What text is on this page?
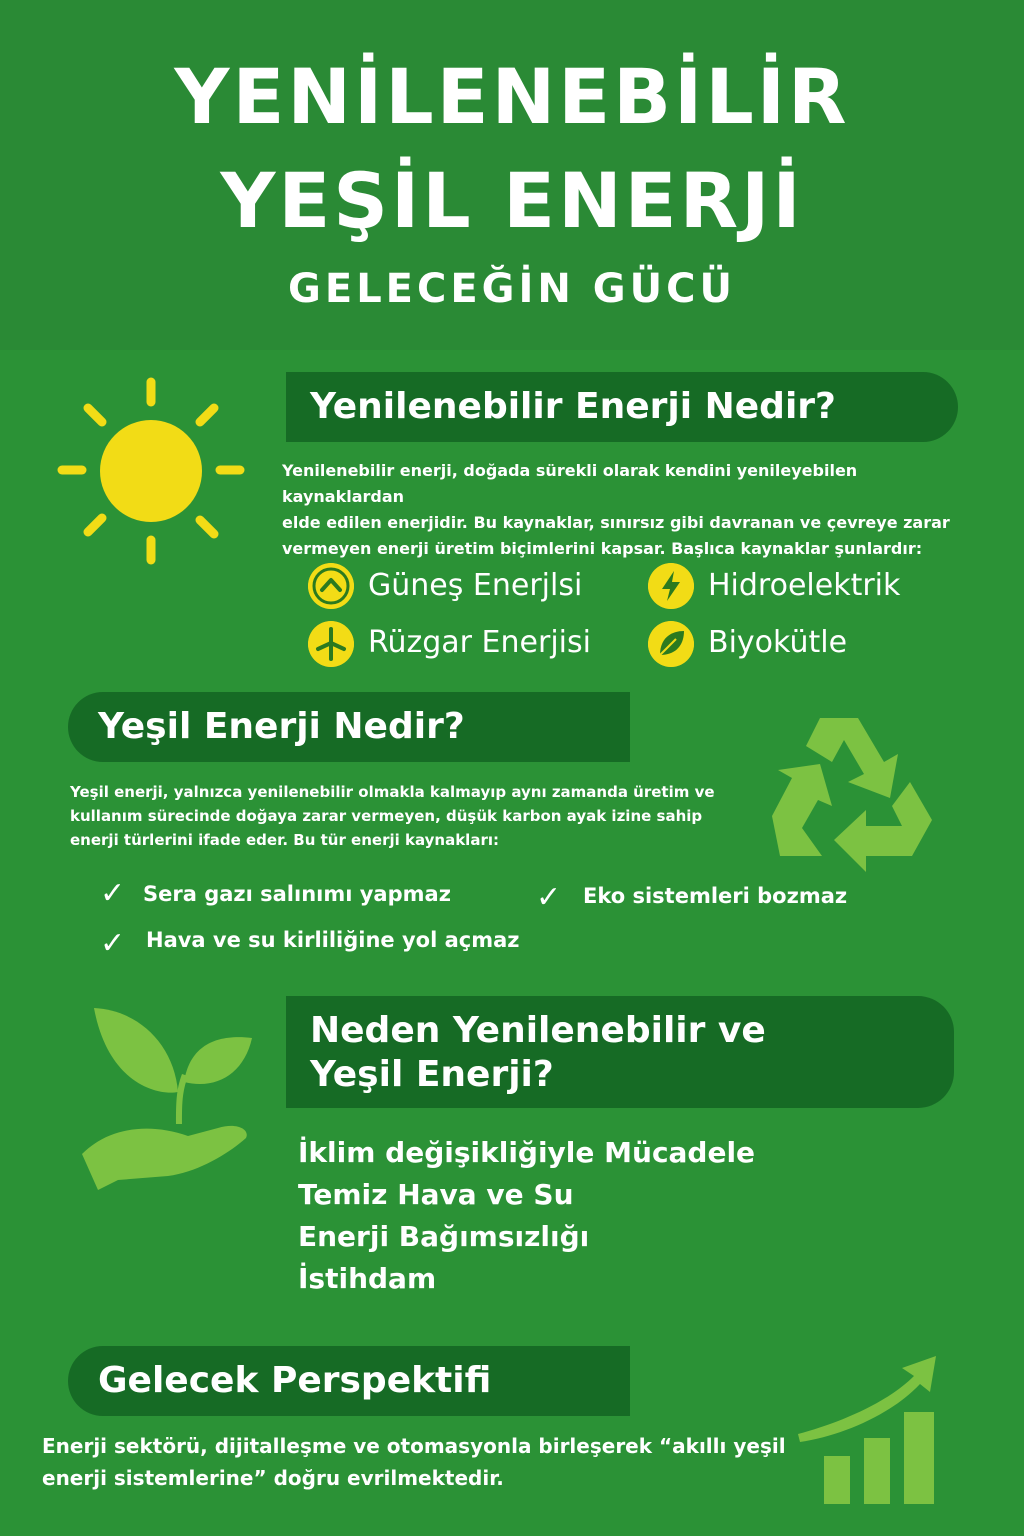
YENİLENEBİLİR
YEŞİL ENERJİ
GELECEĞİN GÜCÜ
Yenilenebilir Enerji Nedir?
Yenilenebilir enerji, doğada sürekli olarak kendini yenileyebilen kaynaklardan
elde edilen enerjidir. Bu kaynaklar, sınırsız gibi davranan ve çevreye zarar
vermeyen enerji üretim biçimlerini kapsar. Başlıca kaynaklar şunlardır:
Güneş Enerjlsi	Hidroelektrik
Rüzgar Enerjisi	Biyokütle
Yeşil Enerji Nedir?
Yeşil enerji, yalnızca yenilenebilir olmakla kalmayıp aynı zamanda üretim ve
kullanım sürecinde doğaya zarar vermeyen, düşük karbon ayak izine sahip
enerji türlerini ifade eder. Bu tür enerji kaynakları:
✓ Sera gazı salınımı yapmaz	✓ Eko sistemleri bozmaz
✓ Hava ve su kirliliğine yol açmaz
Neden Yenilenebilir ve
Yeşil Enerji?
İklim değişikliğiyle Mücadele
Temiz Hava ve Su
Enerji Bağımsızlığı
İstihdam
Gelecek Perspektifi
Enerji sektörü, dijitalleşme ve otomasyonla birleşerek “akıllı yeşil
enerji sistemlerine” doğru evrilmektedir.
